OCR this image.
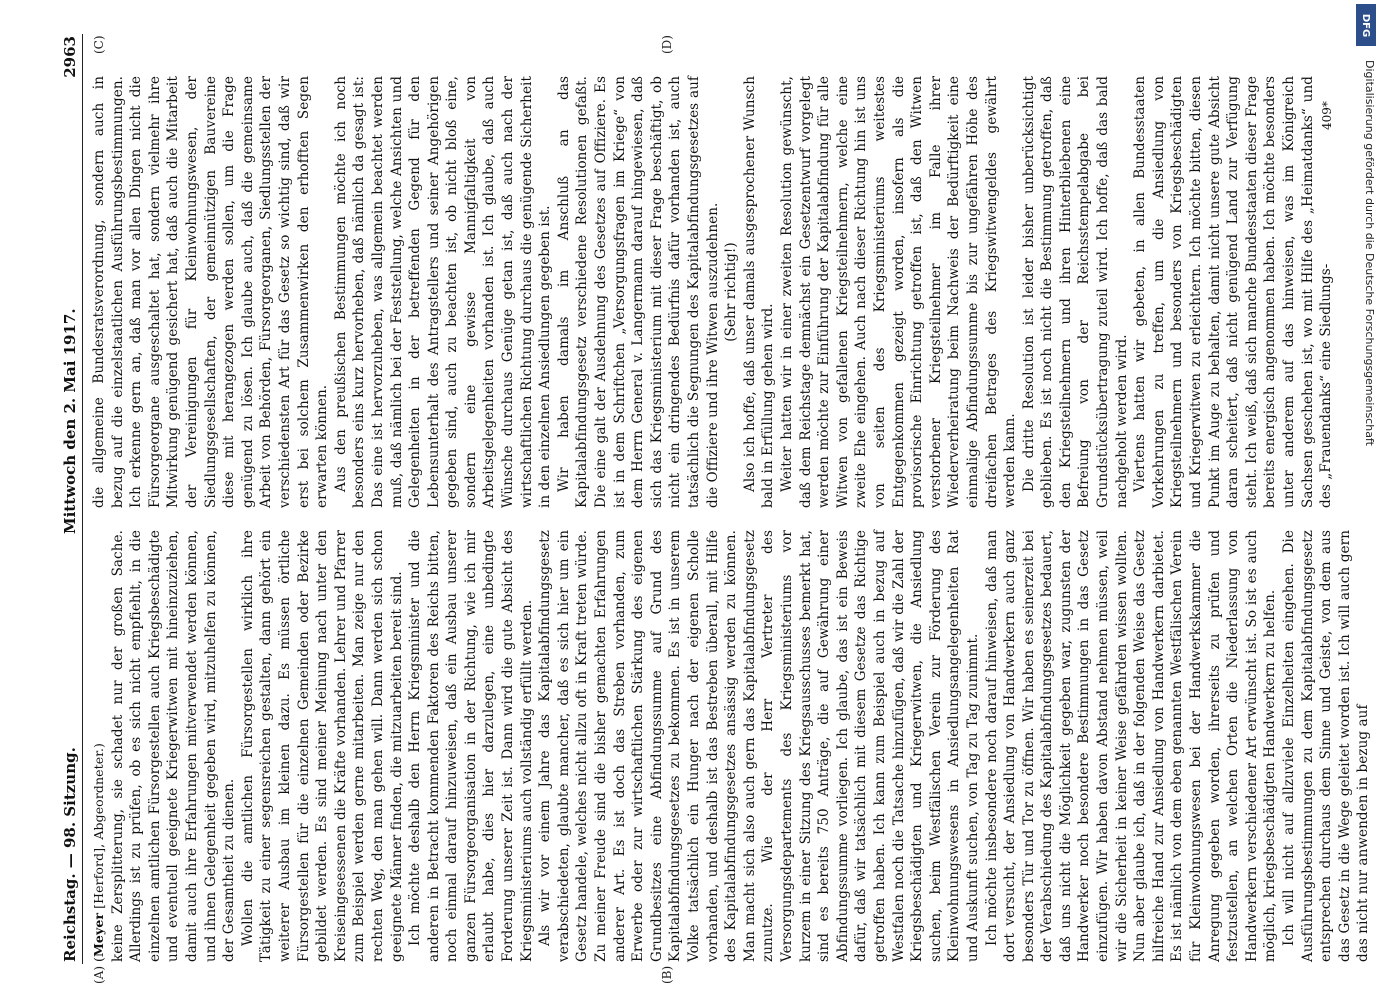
Reichstag. — 98. Sitzung.
Mittwoch den 2. Mai 1917.
2963
(A)	(B)
(C)	(D)

(Meyer [Herford], Abgeordneter.) keine Zersplitterung, sie schadet nur der großen Sache. Allerdings ist zu prüfen, ob es sich nicht empfiehlt, in die einzelnen amtlichen Fürsorgestellen auch Kriegsbeschädigte und eventuell geeignete Kriegerwitwen mit hineinzuziehen, damit auch ihre Erfahrungen mitverwendet werden können, und ihnen Gelegenheit gegeben wird, mitzuhelfen zu können, der Gesamtheit zu dienen. Wollen die amtlichen Fürsorgestellen wirklich ihre Tätigkeit zu einer segensreichen gestalten, dann gehört ein weiterer Ausbau im kleinen dazu. Es müssen örtliche Fürsorgestellen für die einzelnen Gemeinden oder Bezirke gebildet werden. Es sind meiner Meinung nach unter den Kreiseingesessenen die Kräfte vorhanden. Lehrer und Pfarrer zum Beispiel werden gerne mitarbeiten. Man zeige nur den rechten Weg, den man gehen will. Dann werden sich schon geeignete Männer finden, die mitzuarbeiten bereit sind. Ich möchte deshalb den Herrn Kriegsminister und die anderen in Betracht kommenden Faktoren des Reichs bitten, noch einmal darauf hinzuweisen, daß ein Ausbau unserer ganzen Fürsorgeorganisation in der Richtung, wie ich mir erlaubt habe, dies hier darzulegen, eine unbedingte Forderung unserer Zeit ist. Dann wird die gute Absicht des Kriegsministeriums auch vollständig erfüllt werden. Als wir vor einem Jahre das Kapitalabfindungsgesetz verabschiedeten, glaubte mancher, daß es sich hier um ein Gesetz handele, welches nicht allzu oft in Kraft treten würde. Zu meiner Freude sind die bisher gemachten Erfahrungen anderer Art. Es ist doch das Streben vorhanden, zum Erwerbe oder zur wirtschaftlichen Stärkung des eigenen Grundbesitzes eine Abfindungssumme auf Grund des Kapitalabfindungsgesetzes zu bekommen. Es ist in unserem Volke tatsächlich ein Hunger nach der eigenen Scholle vorhanden, und deshalb ist das Bestreben überall, mit Hilfe des Kapitalabfindungsgesetzes ansässig werden zu können. Man macht sich also auch gern das Kapitalabfindungsgesetz zunutze. Wie der Herr Vertreter des Versorgungsdepartements des Kriegsministeriums vor kurzem in einer Sitzung des Kriegsausschusses bemerkt hat, sind es bereits 750 Anträge, die auf Gewährung einer Abfindungssumme vorliegen. Ich glaube, das ist ein Beweis dafür, daß wir tatsächlich mit diesem Gesetze das Richtige getroffen haben. Ich kann zum Beispiel auch in bezug auf Westfalen noch die Tatsache hinzufügen, daß wir die Zahl der Kriegsbeschädigten und Kriegerwitwen, die Ansiedlung suchen, beim Westfälischen Verein zur Förderung des Kleinwohnungswesens in Ansiedlungsangelegenheiten Rat und Auskunft suchen, von Tag zu Tag zunimmt. Ich möchte insbesondere noch darauf hinweisen, daß man dort versucht, der Ansiedlung von Handwerkern auch ganz besonders Tür und Tor zu öffnen. Wir haben es seinerzeit bei der Verabschiedung des Kapitalabfindungsgesetzes bedauert, daß uns nicht die Möglichkeit gegeben war, zugunsten der Handwerker noch besondere Bestimmungen in das Gesetz einzufügen. Wir haben davon Abstand nehmen müssen, weil wir die Sicherheit in keiner Weise gefährden wissen wollten. Nun aber glaube ich, daß in der folgenden Weise das Gesetz hilfreiche Hand zur Ansiedlung von Handwerkern darbietet. Es ist nämlich von dem eben genannten Westfälischen Verein für Kleinwohnungswesen bei der Handwerkskammer die Anregung gegeben worden, ihrerseits zu prüfen und festzustellen, an welchen Orten die Niederlassung von Handwerkern verschiedener Art erwünscht ist. So ist es auch möglich, kriegsbeschädigten Handwerkern zu helfen. Ich will nicht auf allzuviele Einzelheiten eingehen. Die Ausführungsbestimmungen zu dem Kapitalabfindungsgesetz entsprechen durchaus dem Sinne und Geiste, von dem aus das Gesetz in die Wege geleitet worden ist. Ich will auch gern das nicht nur anwenden in bezug auf

die allgemeine Bundesratsverordnung, sondern auch in bezug auf die einzelstaatlichen Ausführungsbestimmungen. Ich erkenne gern an, daß man vor allen Dingen nicht die Fürsorgeorgane ausgeschaltet hat, sondern vielmehr ihre Mitwirkung genügend gesichert hat, daß auch die Mitarbeit der Vereinigungen für Kleinwohnungswesen, der Siedlungsgesellschaften, der gemeinnützigen Bauvereine diese mit herangezogen werden sollen, um die Frage genügend zu lösen. Ich glaube auch, daß die gemeinsame Arbeit von Behörden, Fürsorgeorganen, Siedlungsstellen der verschiedensten Art für das Gesetz so wichtig sind, daß wir erst bei solchem Zusammenwirken den erhofften Segen erwarten können. Aus den preußischen Bestimmungen möchte ich noch besonders eins kurz hervorheben, daß nämlich da gesagt ist: Das eine ist hervorzuheben, was allgemein beachtet werden muß, daß nämlich bei der Feststellung, welche Ansichten und Gelegenheiten in der betreffenden Gegend für den Lebensunterhalt des Antragstellers und seiner Angehörigen gegeben sind, auch zu beachten ist, ob nicht bloß eine, sondern eine gewisse Mannigfaltigkeit von Arbeitsgelegenheiten vorhanden ist. Ich glaube, daß auch Wünsche durchaus Genüge getan ist, daß auch nach der wirtschaftlichen Richtung durchaus die genügende Sicherheit in den einzelnen Ansiedlungen gegeben ist. Wir haben damals im Anschluß an das Kapitalabfindungsgesetz verschiedene Resolutionen gefaßt. Die eine galt der Ausdehnung des Gesetzes auf Offiziere. Es ist in dem Schriftchen „Versorgungsfragen im Kriege“ von dem Herrn General v. Langermann darauf hingewiesen, daß sich das Kriegsministerium mit dieser Frage beschäftigt, ob nicht ein dringendes Bedürfnis dafür vorhanden ist, auch tatsächlich die Segnungen des Kapitalabfindungsgesetzes auf die Offiziere und ihre Witwen auszudehnen. (Sehr richtig!) Also ich hoffe, daß unser damals ausgesprochener Wunsch bald in Erfüllung gehen wird. Weiter hatten wir in einer zweiten Resolution gewünscht, daß dem Reichstage demnächst ein Gesetzentwurf vorgelegt werden möchte zur Einführung der Kapitalabfindung für alle Witwen von gefallenen Kriegsteilnehmern, welche eine zweite Ehe eingehen. Auch nach dieser Richtung hin ist uns von seiten des Kriegsministeriums weitestes Entgegenkommen gezeigt worden, insofern als die provisorische Einrichtung getroffen ist, daß den Witwen verstorbener Kriegsteilnehmer im Falle ihrer Wiederverheiratung beim Nachweis der Bedürftigkeit eine einmalige Abfindungssumme bis zur ungefähren Höhe des dreifachen Betrages des Kriegswitwengeldes gewährt werden kann. Die dritte Resolution ist leider bisher unberücksichtigt geblieben. Es ist noch nicht die Bestimmung getroffen, daß den Kriegsteilnehmern und ihren Hinterbliebenen eine Befreiung von der Reichsstempelabgabe bei Grundstücksübertragung zuteil wird. Ich hoffe, daß das bald nachgeholt werden wird. Viertens hatten wir gebeten, in allen Bundesstaaten Vorkehrungen zu treffen, um die Ansiedlung von Kriegsteilnehmern und besonders von Kriegsbeschädigten und Kriegerwitwen zu erleichtern. Ich möchte bitten, diesen Punkt im Auge zu behalten, damit nicht unsere gute Absicht daran scheitert, daß nicht genügend Land zur Verfügung steht. Ich weiß, daß sich manche Bundesstaaten dieser Frage bereits energisch angenommen haben. Ich möchte besonders unter anderem auf das hinweisen, was im Königreich Sachsen geschehen ist, wo mit Hilfe des „Heimatdanks“ und des „Frauendanks“ eine Siedlungs-

409*
DFG
Digitalisierung gefördert durch die Deutsche Forschungsgemeinschaft
